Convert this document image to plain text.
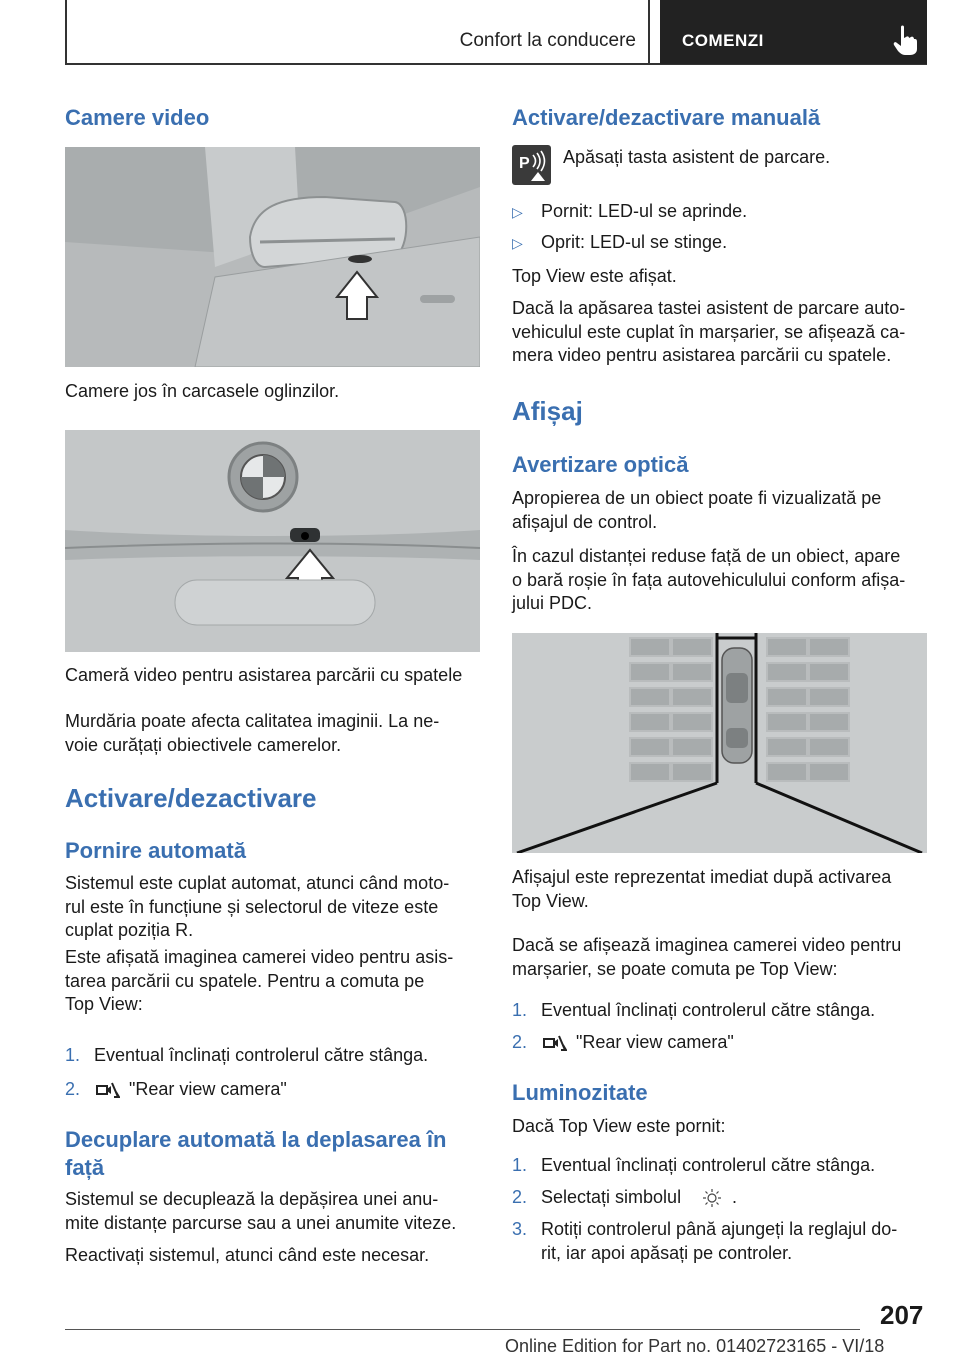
Confort la conducere	COMENZI
Camere video
Camere jos în carcasele oglinzilor.
Cameră video pentru asistarea parcării cu spatele
Murdăria poate afecta calitatea imaginii. La ne‐
voie curățați obiectivele camerelor.
Activare/dezactivare
Pornire automată
Sistemul este cuplat automat, atunci când moto‐
rul este în funcțiune și selectorul de viteze este
cuplat poziția R.
Este afișată imaginea camerei video pentru asis‐
tarea parcării cu spatele. Pentru a comuta pe
Top View:
1. Eventual înclinați controlerul către stânga.
2.	"Rear view camera"
Decuplare automată la deplasarea în
față
Sistemul se decuplează la depășirea unei anu‐
mite distanțe parcurse sau a unei anumite viteze.
Reactivați sistemul, atunci când este necesar.
Activare/dezactivare manuală
P Apăsați tasta asistent de parcare.
▷ Pornit: LED-ul se aprinde.
▷ Oprit: LED-ul se stinge.
Top View este afișat.
Dacă la apăsarea tastei asistent de parcare auto‐
vehiculul este cuplat în marșarier, se afișează ca‐
mera video pentru asistarea parcării cu spatele.
Afișaj
Avertizare optică
Apropierea de un obiect poate fi vizualizată pe
afișajul de control.
În cazul distanței reduse față de un obiect, apare
o bară roșie în fața autovehiculului conform afișa‐
jului PDC.
Afișajul este reprezentat imediat după activarea
Top View.
Dacă se afișează imaginea camerei video pentru
marșarier, se poate comuta pe Top View:
1. Eventual înclinați controlerul către stânga.
2.	"Rear view camera"
Luminozitate
Dacă Top View este pornit:
1. Eventual înclinați controlerul către stânga.
2. Selectați simbolul	.
3. Rotiți controlerul până ajungeți la reglajul do‐
rit, iar apoi apăsați pe controler.
207
Online Edition for Part no. 01402723165 - VI/18
